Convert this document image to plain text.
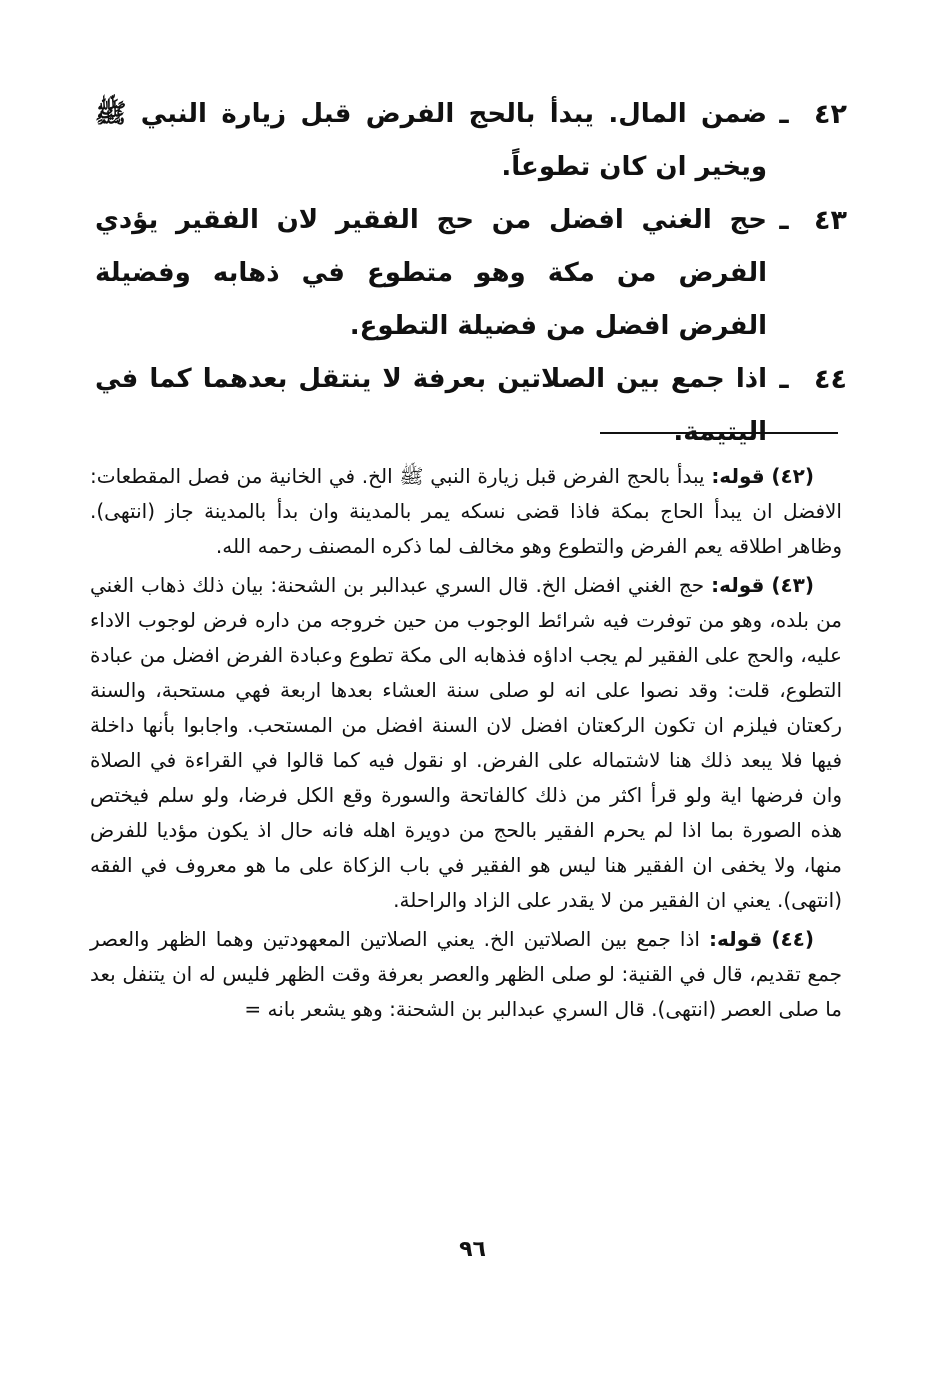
٤٢
ـ
ضمن المال. يبدأ بالحج الفرض قبل زيارة النبي ﷺ ويخير ان كان تطوعاً.
٤٣
ـ
حج الغني افضل من حج الفقير لان الفقير يؤدي الفرض من مكة وهو متطوع في ذهابه وفضيلة الفرض افضل من فضيلة التطوع.
٤٤
ـ
اذا جمع بين الصلاتين بعرفة لا ينتقل بعدهما كما في اليتيمة.

(٤٢) قوله: يبدأ بالحج الفرض قبل زيارة النبي ﷺ الخ. في الخانية من فصل المقطعات: الافضل ان يبدأ الحاج بمكة فاذا قضى نسكه يمر بالمدينة وان بدأ بالمدينة جاز (انتهى). وظاهر اطلاقه يعم الفرض والتطوع وهو مخالف لما ذكره المصنف رحمه الله.

(٤٣) قوله: حج الغني افضل الخ. قال السري عبدالبر بن الشحنة: بيان ذلك ذهاب الغني من بلده، وهو من توفرت فيه شرائط الوجوب من حين خروجه من داره فرض لوجوب الاداء عليه، والحج على الفقير لم يجب اداؤه فذهابه الى مكة تطوع وعبادة الفرض افضل من عبادة التطوع، قلت: وقد نصوا على انه لو صلى سنة العشاء بعدها اربعة فهي مستحبة، والسنة ركعتان فيلزم ان تكون الركعتان افضل لان السنة افضل من المستحب. واجابوا بأنها داخلة فيها فلا يبعد ذلك هنا لاشتماله على الفرض. او نقول فيه كما قالوا في القراءة في الصلاة وان فرضها اية ولو قرأ اكثر من ذلك كالفاتحة والسورة وقع الكل فرضا، ولو سلم فيختص هذه الصورة بما اذا لم يحرم الفقير بالحج من دويرة اهله فانه حال اذ يكون مؤديا للفرض منها، ولا يخفى ان الفقير هنا ليس هو الفقير في باب الزكاة على ما هو معروف في الفقه (انتهى). يعني ان الفقير من لا يقدر على الزاد والراحلة.

(٤٤) قوله: اذا جمع بين الصلاتين الخ. يعني الصلاتين المعهودتين وهما الظهر والعصر جمع تقديم، قال في القنية: لو صلى الظهر والعصر بعرفة وقت الظهر فليس له ان يتنفل بعد ما صلى العصر (انتهى). قال السري عبدالبر بن الشحنة: وهو يشعر بانه =

٩٦
